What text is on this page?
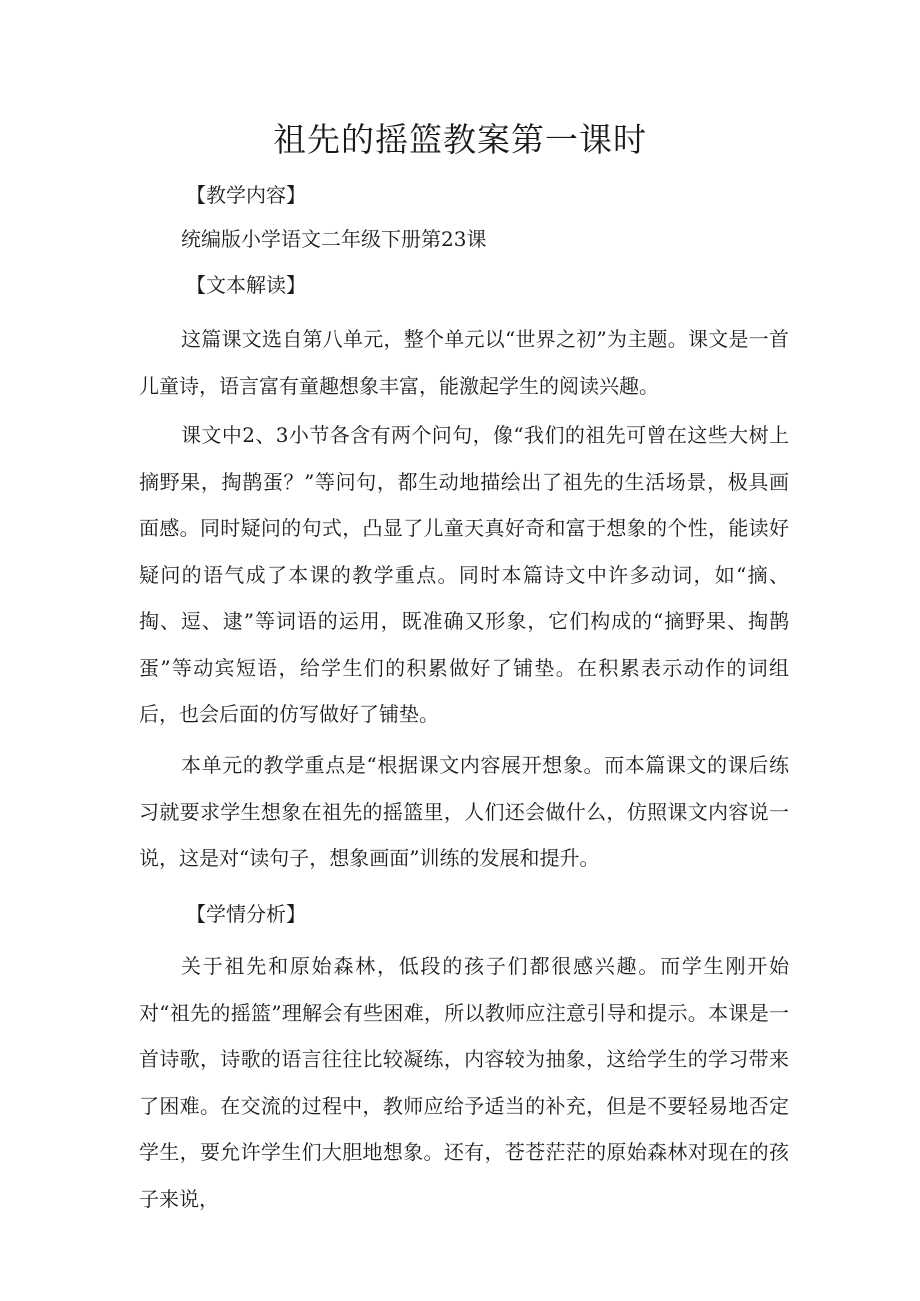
祖先的摇篮教案第一课时

【教学内容】

统编版小学语文二年级下册第23课

【文本解读】

这篇课文选自第八单元，整个单元以“世界之初”为主题。课文是一首儿童诗，语言富有童趣想象丰富，能激起学生的阅读兴趣。

课文中2、3小节各含有两个问句，像“我们的祖先可曾在这些大树上摘野果，掏鹊蛋？”等问句，都生动地描绘出了祖先的生活场景，极具画面感。同时疑问的句式，凸显了儿童天真好奇和富于想象的个性，能读好疑问的语气成了本课的教学重点。同时本篇诗文中许多动词，如“摘、掏、逗、逮”等词语的运用，既准确又形象，它们构成的“摘野果、掏鹊蛋”等动宾短语，给学生们的积累做好了铺垫。在积累表示动作的词组后，也会后面的仿写做好了铺垫。

本单元的教学重点是“根据课文内容展开想象。而本篇课文的课后练习就要求学生想象在祖先的摇篮里，人们还会做什么，仿照课文内容说一说，这是对“读句子，想象画面”训练的发展和提升。

【学情分析】

关于祖先和原始森林，低段的孩子们都很感兴趣。而学生刚开始对“祖先的摇篮”理解会有些困难，所以教师应注意引导和提示。本课是一首诗歌，诗歌的语言往往比较凝练，内容较为抽象，这给学生的学习带来了困难。在交流的过程中，教师应给予适当的补充，但是不要轻易地否定学生，要允许学生们大胆地想象。还有，苍苍茫茫的原始森林对现在的孩子来说，
